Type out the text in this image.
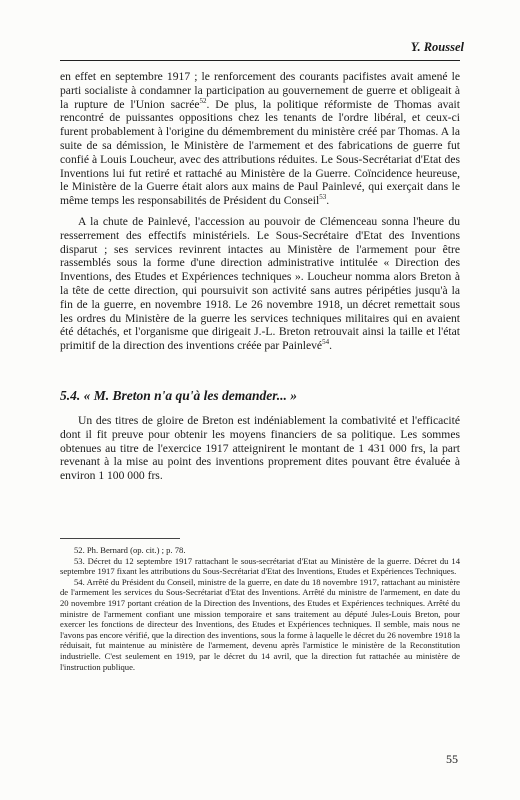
Y. Roussel

en effet en septembre 1917 ; le renforcement des courants pacifistes avait amené le parti socialiste à condamner la participation au gouvernement de guerre et obligeait à la rupture de l'Union sacrée$^{52}$. De plus, la politique réformiste de Thomas avait rencontré de puissantes oppositions chez les tenants de l'ordre libéral, et ceux-ci furent probablement à l'origine du démembrement du ministère créé par Thomas. A la suite de sa démission, le Ministère de l'armement et des fabrications de guerre fut confié à Louis Loucheur, avec des attributions réduites. Le Sous-Secrétariat d'Etat des Inventions lui fut retiré et rattaché au Ministère de la Guerre. Coïncidence heureuse, le Ministère de la Guerre était alors aux mains de Paul Painlevé, qui exerçait dans le même temps les responsabilités de Président du Conseil$^{53}$.

A la chute de Painlevé, l'accession au pouvoir de Clémenceau sonna l'heure du resserrement des effectifs ministériels. Le Sous-Secrétaire d'Etat des Inventions disparut ; ses services revinrent intactes au Ministère de l'armement pour être rassemblés sous la forme d'une direction administrative intitulée « Direction des Inventions, des Etudes et Expériences techniques ». Loucheur nomma alors Breton à la tête de cette direction, qui poursuivit son activité sans autres péripéties jusqu'à la fin de la guerre, en novembre 1918. Le 26 novembre 1918, un décret remettait sous les ordres du Ministère de la guerre les services techniques militaires qui en avaient été détachés, et l'organisme que dirigeait J.-L. Breton retrouvait ainsi la taille et l'état primitif de la direction des inventions créée par Painlevé$^{54}$.

5.4. « M. Breton n'a qu'à les demander... »

Un des titres de gloire de Breton est indéniablement la combativité et l'efficacité dont il fit preuve pour obtenir les moyens financiers de sa politique. Les sommes obtenues au titre de l'exercice 1917 atteignirent le montant de 1 431 000 frs, la part revenant à la mise au point des inventions proprement dites pouvant être évaluée à environ 1 100 000 frs.

52. Ph. Bernard (op. cit.) ; p. 78.

53. Décret du 12 septembre 1917 rattachant le sous-secrétariat d'Etat au Ministère de la guerre. Décret du 14 septembre 1917 fixant les attributions du Sous-Secrétariat d'Etat des Inventions, Etudes et Expériences Techniques.

54. Arrêté du Président du Conseil, ministre de la guerre, en date du 18 novembre 1917, rattachant au ministère de l'armement les services du Sous-Secrétariat d'Etat des Inventions. Arrêté du ministre de l'armement, en date du 20 novembre 1917 portant création de la Direction des Inventions, des Etudes et Expériences techniques. Arrêté du ministre de l'armement confiant une mission temporaire et sans traitement au député Jules-Louis Breton, pour exercer les fonctions de directeur des Inventions, des Etudes et Expériences techniques. Il semble, mais nous ne l'avons pas encore vérifié, que la direction des inventions, sous la forme à laquelle le décret du 26 novembre 1918 la réduisait, fut maintenue au ministère de l'armement, devenu après l'armistice le ministère de la Reconstitution industrielle. C'est seulement en 1919, par le décret du 14 avril, que la direction fut rattachée au ministère de l'instruction publique.

55
